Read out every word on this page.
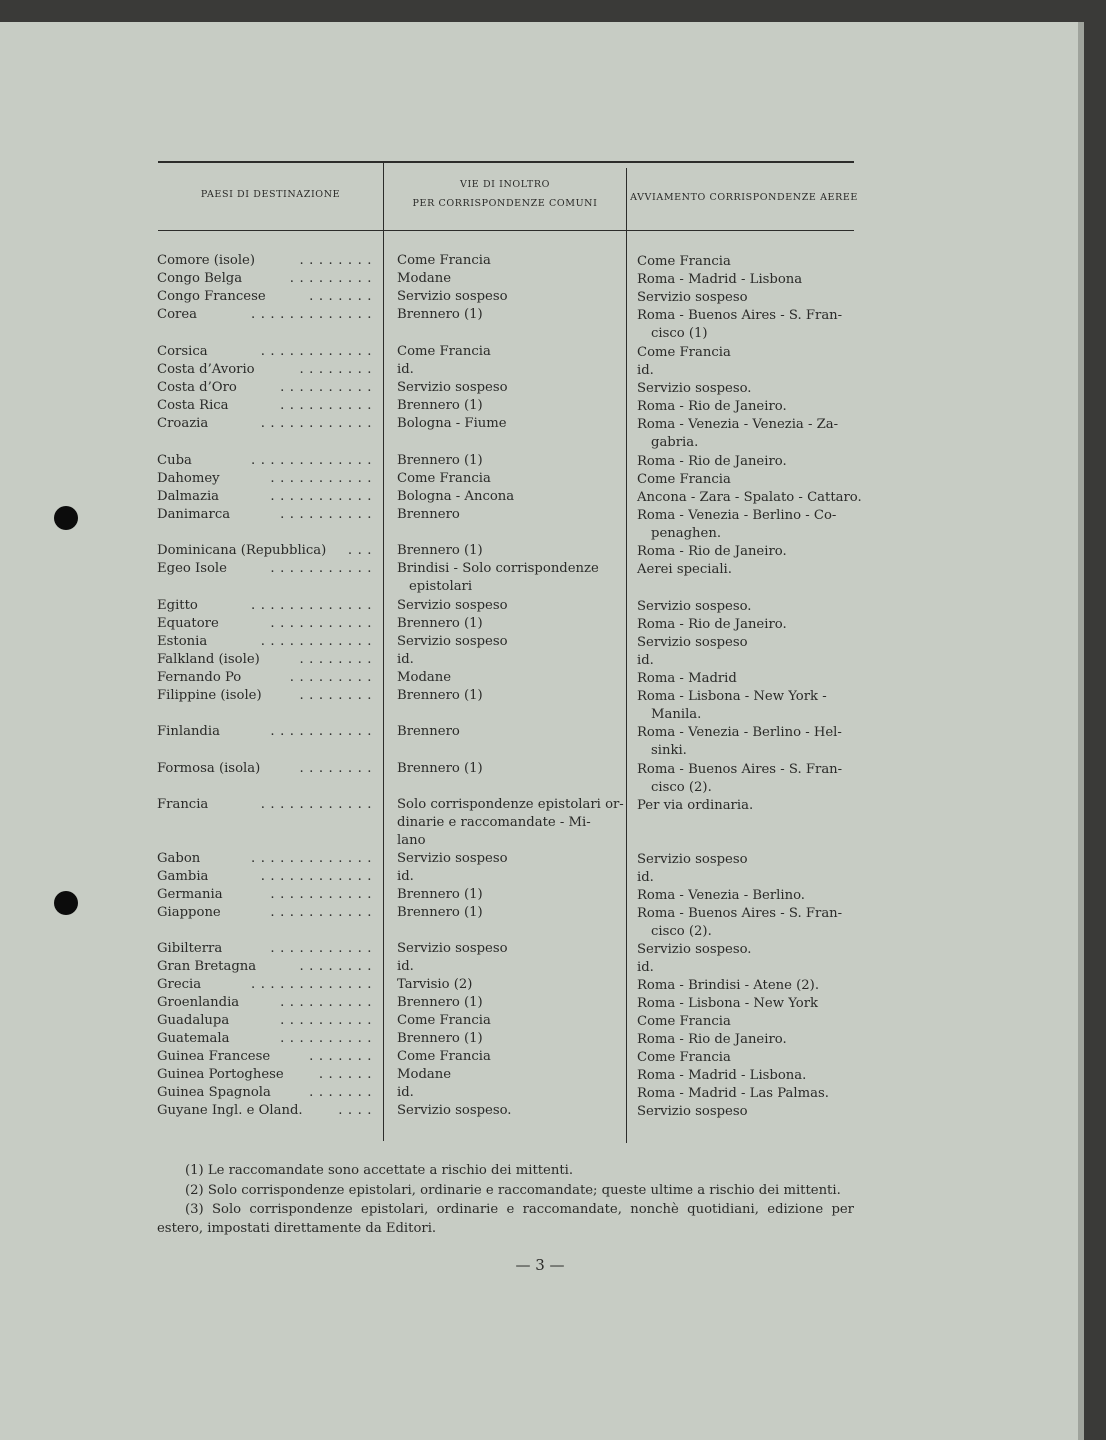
PAESI DI DESTINAZIONE
VIE DI INOLTRO
PER CORRISPONDENZE COMUNI
AVVIAMENTO CORRISPONDENZE AEREE
Comore (isole)	........ Come Francia	Come Francia
Congo Belga	......... Modane	Roma - Madrid - Lisbona
Congo Francese	....... Servizio sospeso	Servizio sospeso
Corea	............. Brennero (1)	Roma - Buenos Aires - S. Fran-
cisco (1)
Corsica	............ Come Francia	Come Francia
Costa d’Avorio	........ id.	id.
Costa d’Oro	.......... Servizio sospeso	Servizio sospeso.
Costa Rica	.......... Brennero (1)	Roma - Rio de Janeiro.
Croazia	............ Bologna - Fiume	Roma - Venezia - Venezia - Za-
gabria.
Cuba	............. Brennero (1)	Roma - Rio de Janeiro.
Dahomey	........... Come Francia	Come Francia
Dalmazia	........... Bologna - Ancona	Ancona - Zara - Spalato - Cattaro.
Danimarca	.......... Brennero	Roma - Venezia - Berlino - Co-
penaghen.
Dominicana (Repubblica) ... Brennero (1)	Roma - Rio de Janeiro.
Egeo Isole	........... Brindisi - Solo corrispondenze
epistolari
Aerei speciali.
Egitto	............. Servizio sospeso	Servizio sospeso.
Equatore	........... Brennero (1)	Roma - Rio de Janeiro.
Estonia	............ Servizio sospeso	Servizio sospeso
Falkland (isole)	........ id.	id.
Fernando Po	......... Modane	Roma - Madrid
Filippine (isole)	........ Brennero (1)	Roma - Lisbona - New York -
Manila.
Finlandia	........... Brennero	Roma - Venezia - Berlino - Hel-
sinki.
Formosa (isola)	........ Brennero (1)	Roma - Buenos Aires - S. Fran-
cisco (2).
Francia	............ Solo corrispondenze epistolari or-
dinarie e raccomandate - Mi-
lano
Per via ordinaria.
Gabon	............. Servizio sospeso	Servizio sospeso
Gambia	............ id.	id.
Germania	........... Brennero (1)	Roma - Venezia - Berlino.
Giappone	........... Brennero (1)	Roma - Buenos Aires - S. Fran-
cisco (2).
Gibilterra	........... Servizio sospeso	Servizio sospeso.
Gran Bretagna	........ id.	id.
Grecia	............. Tarvisio (2)	Roma - Brindisi - Atene (2).
Groenlandia	.......... Brennero (1)	Roma - Lisbona - New York
Guadalupa	.......... Come Francia	Come Francia
Guatemala	.......... Brennero (1)	Roma - Rio de Janeiro.
Guinea Francese	....... Come Francia	Come Francia
Guinea Portoghese	...... Modane	Roma - Madrid - Lisbona.
Guinea Spagnola	....... id.	Roma - Madrid - Las Palmas.
Guyane Ingl. e Oland.	.... Servizio sospeso.	Servizio sospeso
(1) Le raccomandate sono accettate a rischio dei mittenti.
(2) Solo corrispondenze epistolari, ordinarie e raccomandate; queste ultime a rischio dei mittenti.
(3) Solo corrispondenze epistolari, ordinarie e raccomandate, nonchè quotidiani, edizione per estero, impostati direttamente da Editori.
— 3 —
